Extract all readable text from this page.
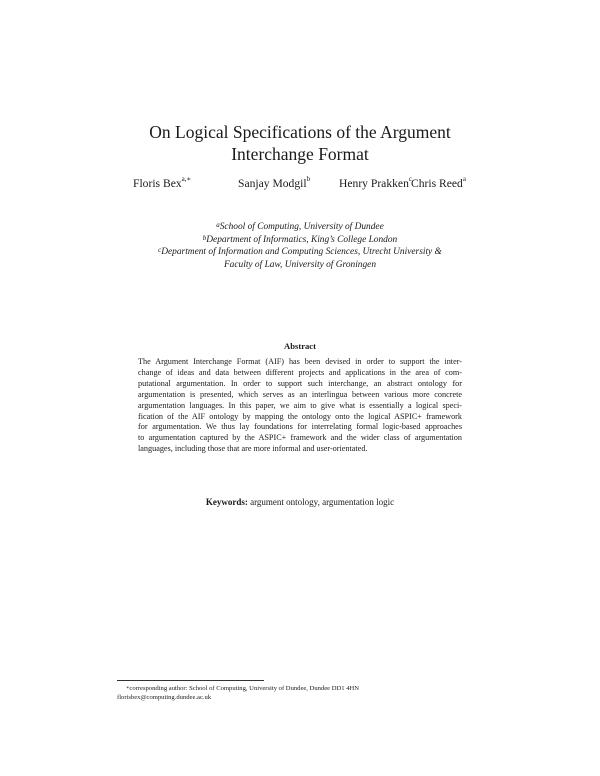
On Logical Specifications of the Argument
Interchange Format
Floris Bex$^{a,∗}$	Sanjay Modgil$^b$ Henry Prakken$^c$ Chris Reed$^a$
$^a$School of Computing, University of Dundee
$^b$Department of Informatics, King’s College London
$^c$Department of Information and Computing Sciences, Utrecht University &
Faculty of Law, University of Groningen
Abstract
The Argument Interchange Format (AIF) has been devised in order to support the inter-
change of ideas and data between different projects and applications in the area of com-
putational argumentation. In order to support such interchange, an abstract ontology for
argumentation is presented, which serves as an interlingua between various more concrete
argumentation languages. In this paper, we aim to give what is essentially a logical speci-
fication of the AIF ontology by mapping the ontology onto the logical ASPIC+ framework
for argumentation. We thus lay foundations for interrelating formal logic-based approaches
to argumentation captured by the ASPIC+ framework and the wider class of argumentation
languages, including those that are more informal and user-orientated.
Keywords: argument ontology, argumentation logic
∗corresponding author: School of Computing, University of Dundee, Dundee DD1 4HN
florisbex@computing.dundee.ac.uk
